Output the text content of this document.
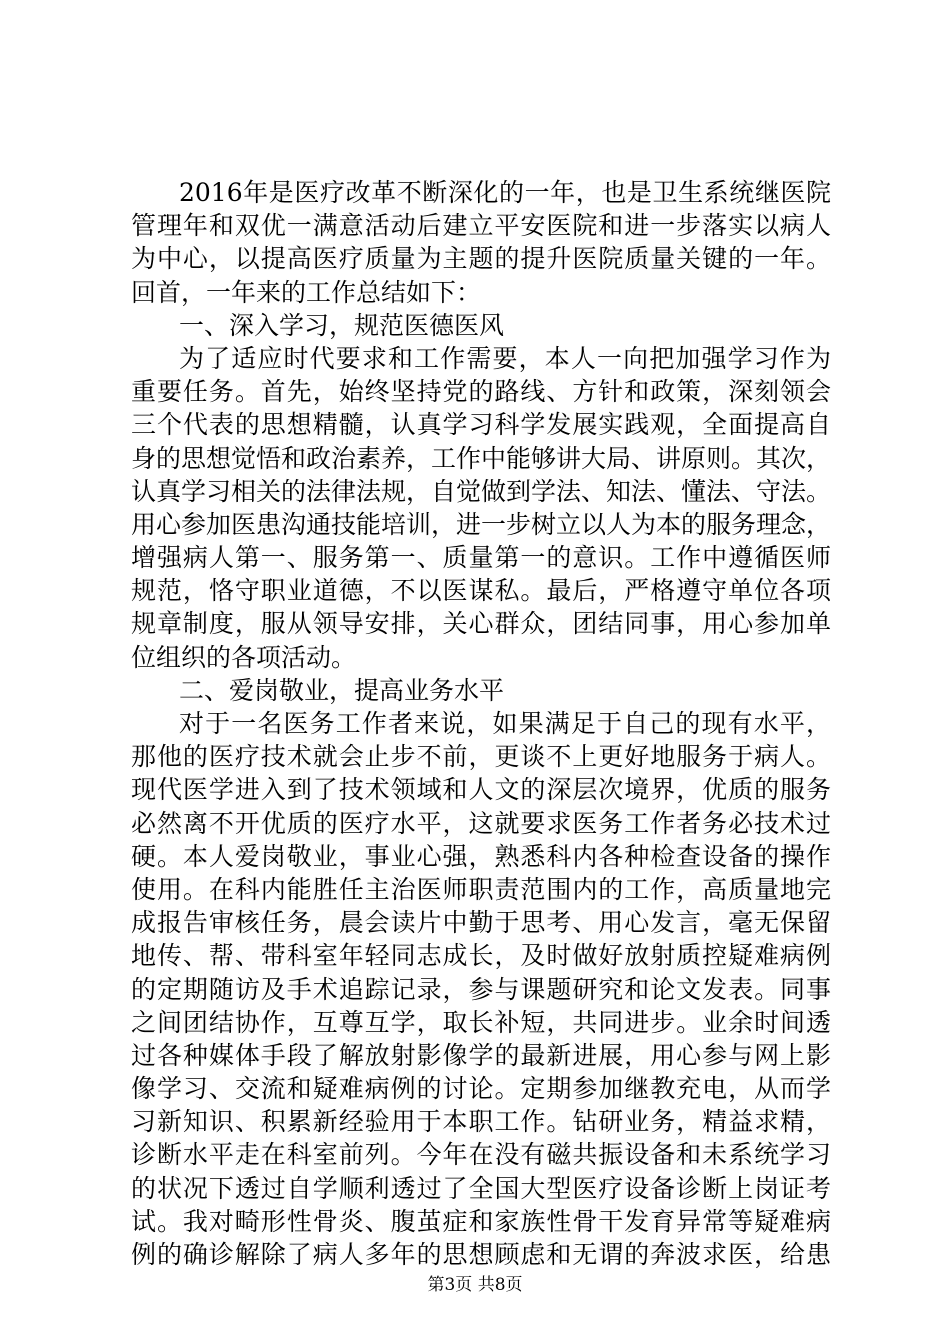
2016年是医疗改革不断深化的一年，也是卫生系统继医院
管理年和双优一满意活动后建立平安医院和进一步落实以病人
为中心，以提高医疗质量为主题的提升医院质量关键的一年。
回首，一年来的工作总结如下：
一、深入学习，规范医德医风
为了适应时代要求和工作需要，本人一向把加强学习作为
重要任务。首先，始终坚持党的路线、方针和政策，深刻领会
三个代表的思想精髓，认真学习科学发展实践观，全面提高自
身的思想觉悟和政治素养，工作中能够讲大局、讲原则。其次，
认真学习相关的法律法规，自觉做到学法、知法、懂法、守法。
用心参加医患沟通技能培训，进一步树立以人为本的服务理念，
增强病人第一、服务第一、质量第一的意识。工作中遵循医师
规范，恪守职业道德，不以医谋私。最后，严格遵守单位各项
规章制度，服从领导安排，关心群众，团结同事，用心参加单
位组织的各项活动。
二、爱岗敬业，提高业务水平
对于一名医务工作者来说，如果满足于自己的现有水平，
那他的医疗技术就会止步不前，更谈不上更好地服务于病人。
现代医学进入到了技术领域和人文的深层次境界，优质的服务
必然离不开优质的医疗水平，这就要求医务工作者务必技术过
硬。本人爱岗敬业，事业心强，熟悉科内各种检查设备的操作
使用。在科内能胜任主治医师职责范围内的工作，高质量地完
成报告审核任务，晨会读片中勤于思考、用心发言，毫无保留
地传、帮、带科室年轻同志成长，及时做好放射质控疑难病例
的定期随访及手术追踪记录，参与课题研究和论文发表。同事
之间团结协作，互尊互学，取长补短，共同进步。业余时间透
过各种媒体手段了解放射影像学的最新进展，用心参与网上影
像学习、交流和疑难病例的讨论。定期参加继教充电，从而学
习新知识、积累新经验用于本职工作。钻研业务，精益求精，
诊断水平走在科室前列。今年在没有磁共振设备和未系统学习
的状况下透过自学顺利透过了全国大型医疗设备诊断上岗证考
试。我对畸形性骨炎、腹茧症和家族性骨干发育异常等疑难病
例的确诊解除了病人多年的思想顾虑和无谓的奔波求医，给患
第3页 共8页
